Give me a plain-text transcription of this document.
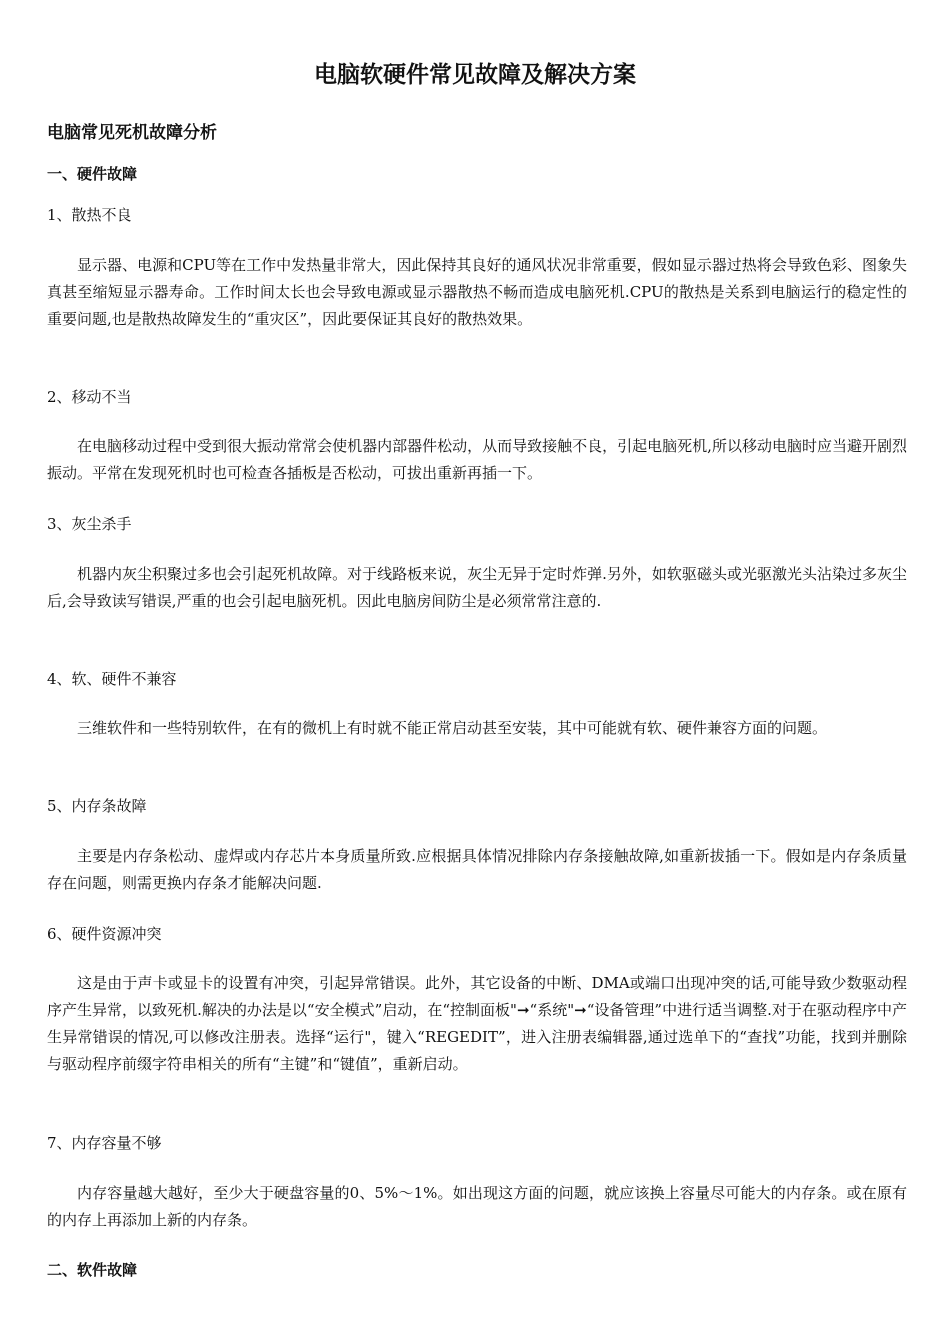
电脑软硬件常见故障及解决方案
电脑常见死机故障分析
一、硬件故障
1、散热不良

显示器、电源和CPU等在工作中发热量非常大，因此保持其良好的通风状况非常重要，假如显示器过热将会导致色彩、图象失真甚至缩短显示器寿命。工作时间太长也会导致电源或显示器散热不畅而造成电脑死机.CPU的散热是关系到电脑运行的稳定性的重要问题,也是散热故障发生的“重灾区”，因此要保证其良好的散热效果。

2、移动不当

在电脑移动过程中受到很大振动常常会使机器内部器件松动，从而导致接触不良，引起电脑死机,所以移动电脑时应当避开剧烈振动。平常在发现死机时也可检查各插板是否松动，可拔出重新再插一下。

3、灰尘杀手

机器内灰尘积聚过多也会引起死机故障。对于线路板来说，灰尘无异于定时炸弹.另外，如软驱磁头或光驱激光头沾染过多灰尘后,会导致读写错误,严重的也会引起电脑死机。因此电脑房间防尘是必须常常注意的.

4、软、硬件不兼容

三维软件和一些特别软件，在有的微机上有时就不能正常启动甚至安装，其中可能就有软、硬件兼容方面的问题。

5、内存条故障

主要是内存条松动、虚焊或内存芯片本身质量所致.应根据具体情况排除内存条接触故障,如重新拔插一下。假如是内存条质量存在问题，则需更换内存条才能解决问题.

6、硬件资源冲突

这是由于声卡或显卡的设置有冲突，引起异常错误。此外，其它设备的中断、DMA或端口出现冲突的话,可能导致少数驱动程序产生异常，以致死机.解决的办法是以“安全模式”启动，在“控制面板"➞“系统"➞“设备管理”中进行适当调整.对于在驱动程序中产生异常错误的情况,可以修改注册表。选择“运行"，键入“REGEDIT”，进入注册表编辑器,通过选单下的“查找”功能，找到并删除与驱动程序前缀字符串相关的所有“主键”和“键值”，重新启动。

7、内存容量不够

内存容量越大越好，至少大于硬盘容量的0、5%～1%。如出现这方面的问题，就应该换上容量尽可能大的内存条。或在原有的内存上再添加上新的内存条。

二、软件故障
